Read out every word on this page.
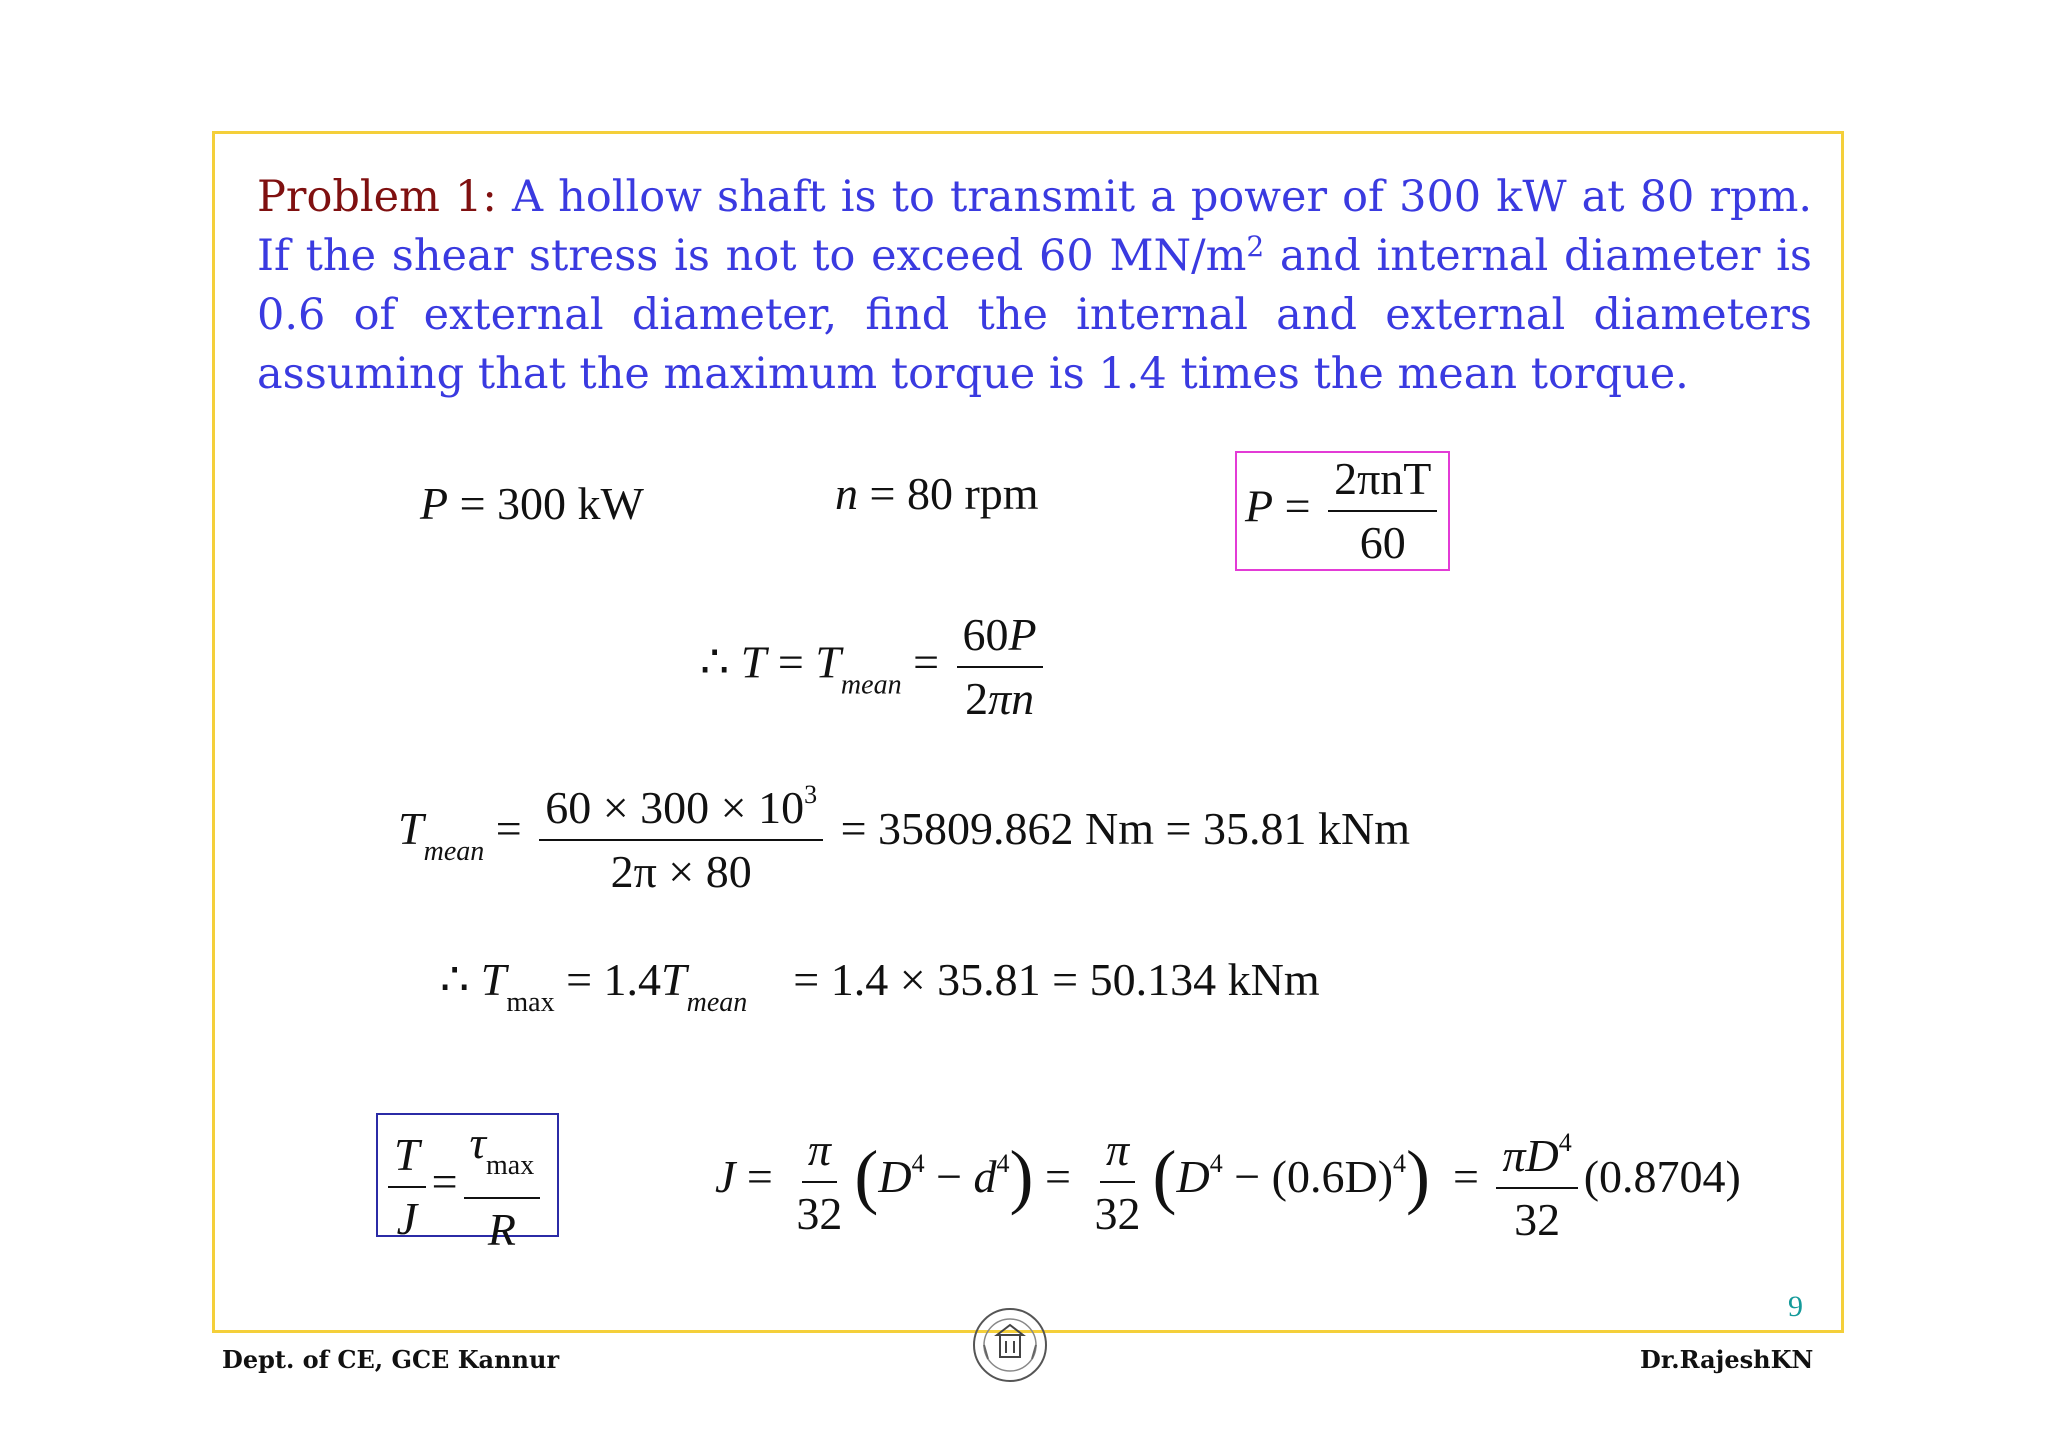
Problem 1: A hollow shaft is to transmit a power of 300 kW at 80 rpm. If the shear stress is not to exceed 60 $MN/m^2$ and internal diameter is 0.6 of external diameter, find the internal and external diameters assuming that the maximum torque is 1.4 times the mean torque.

P = 300 kW	n = 80 rpm	$P = \frac{\text{2πnT}}{60}$
∴ $T = T_{mean} = \frac{60P}{2\pi n}$
$T_{mean} = \frac{60 \times 300 \times 10^3}{2\pi \times 80} = 35809.862$ Nm = 35.81 kNm
∴ $T_{max} = 1.4T_{mean} = 1.4 \times 35.81 = 50.134$ kNm
$\frac{T}{J} = \frac{\tau_{max}}{R}$	$J = \frac{\pi}{32} (D^4 - d^4) = \frac{\pi}{32} (D^4 - (0.6D)^4) = \frac{\pi D^4}{32} (0.8704)$
9
Dept. of CE, GCE Kannur	Dr.RajeshKN
